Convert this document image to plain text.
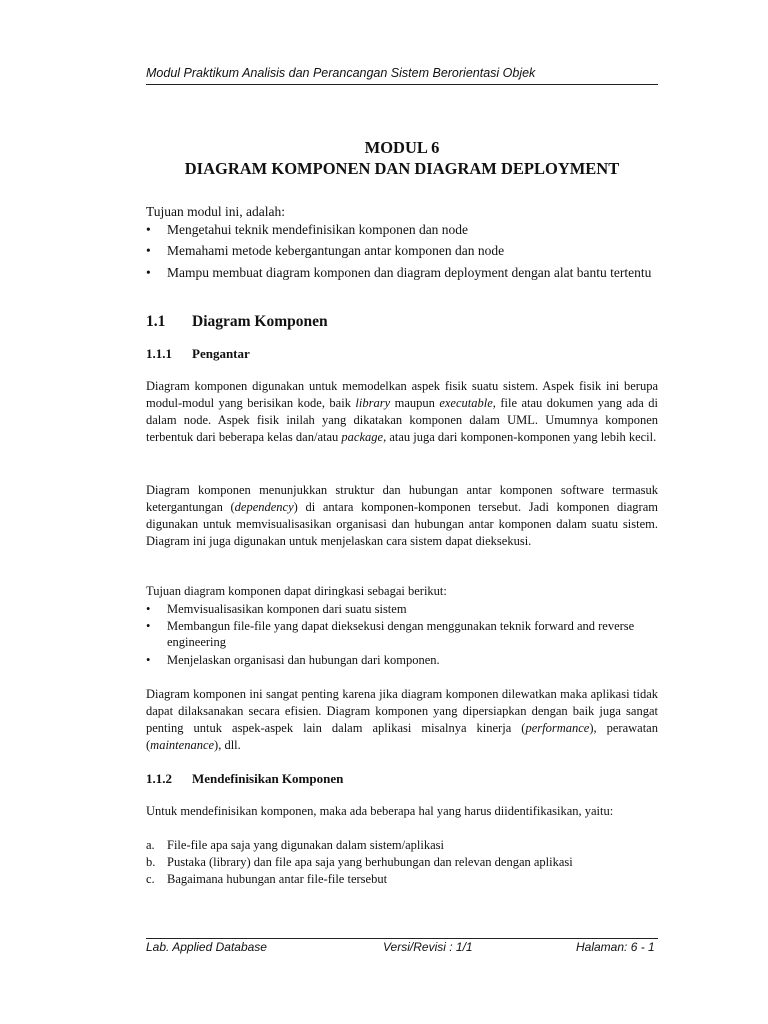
Modul Praktikum Analisis dan Perancangan Sistem Berorientasi Objek
MODUL 6
DIAGRAM KOMPONEN DAN DIAGRAM DEPLOYMENT
Tujuan modul ini, adalah:
•	Mengetahui teknik mendefinisikan komponen dan node
•	Memahami metode kebergantungan antar komponen dan node
•	Mampu membuat diagram komponen dan diagram deployment dengan alat bantu tertentu
1.1 Diagram Komponen
1.1.1 Pengantar
Diagram komponen digunakan untuk memodelkan aspek fisik suatu sistem. Aspek fisik ini berupa modul-modul yang berisikan kode, baik library maupun executable, file atau dokumen yang ada di dalam node. Aspek fisik inilah yang dikatakan komponen dalam UML. Umumnya komponen terbentuk dari beberapa kelas dan/atau package, atau juga dari komponen-komponen yang lebih kecil.
Diagram komponen menunjukkan struktur dan hubungan antar komponen software termasuk ketergantungan (dependency) di antara komponen-komponen tersebut. Jadi komponen diagram digunakan untuk memvisualisasikan organisasi dan hubungan antar komponen dalam suatu sistem. Diagram ini juga digunakan untuk menjelaskan cara sistem dapat dieksekusi.
Tujuan diagram komponen dapat diringkasi sebagai berikut:
•	Memvisualisasikan komponen dari suatu sistem
•	Membangun file-file yang dapat dieksekusi dengan menggunakan teknik forward and reverse engineering
•	Menjelaskan organisasi dan hubungan dari komponen.
Diagram komponen ini sangat penting karena jika diagram komponen dilewatkan maka aplikasi tidak dapat dilaksanakan secara efisien. Diagram komponen yang dipersiapkan dengan baik juga sangat penting untuk aspek-aspek lain dalam aplikasi misalnya kinerja (performance), perawatan (maintenance), dll.
1.1.2 Mendefinisikan Komponen
Untuk mendefinisikan komponen, maka ada beberapa hal yang harus diidentifikasikan, yaitu:
a. File-file apa saja yang digunakan dalam sistem/aplikasi
b. Pustaka (library) dan file apa saja yang berhubungan dan relevan dengan aplikasi
c. Bagaimana hubungan antar file-file tersebut
Lab. Applied Database	Versi/Revisi : 1/1	Halaman: 6 - 1
